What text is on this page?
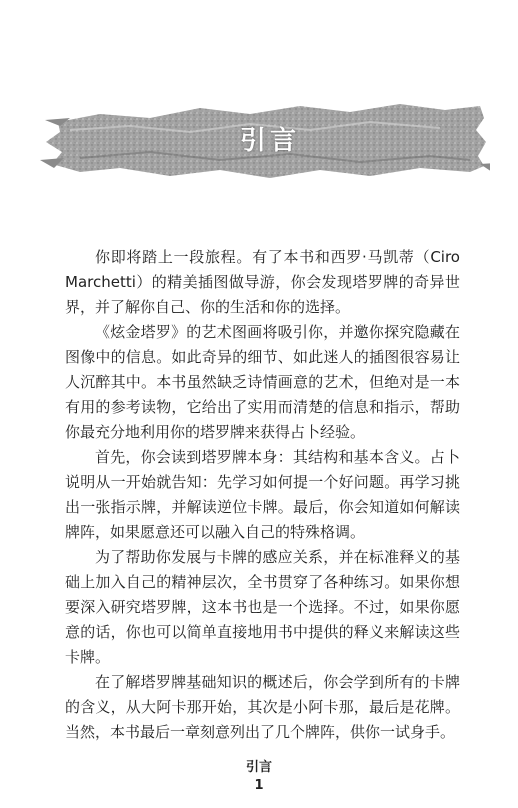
引言

你即将踏上一段旅程。有了本书和西罗·马凯蒂（Ciro Marchetti）的精美插图做导游，你会发现塔罗牌的奇异世界，并了解你自己、你的生活和你的选择。

《炫金塔罗》的艺术图画将吸引你，并邀你探究隐藏在图像中的信息。如此奇异的细节、如此迷人的插图很容易让人沉醉其中。本书虽然缺乏诗情画意的艺术，但绝对是一本有用的参考读物，它给出了实用而清楚的信息和指示，帮助你最充分地利用你的塔罗牌来获得占卜经验。

首先，你会读到塔罗牌本身：其结构和基本含义。占卜说明从一开始就告知：先学习如何提一个好问题。再学习挑出一张指示牌，并解读逆位卡牌。最后，你会知道如何解读牌阵，如果愿意还可以融入自己的特殊格调。

为了帮助你发展与卡牌的感应关系，并在标准释义的基础上加入自己的精神层次，全书贯穿了各种练习。如果你想要深入研究塔罗牌，这本书也是一个选择。不过，如果你愿意的话，你也可以简单直接地用书中提供的释义来解读这些卡牌。

在了解塔罗牌基础知识的概述后，你会学到所有的卡牌的含义，从大阿卡那开始，其次是小阿卡那，最后是花牌。当然，本书最后一章刻意列出了几个牌阵，供你一试身手。

引言
1
